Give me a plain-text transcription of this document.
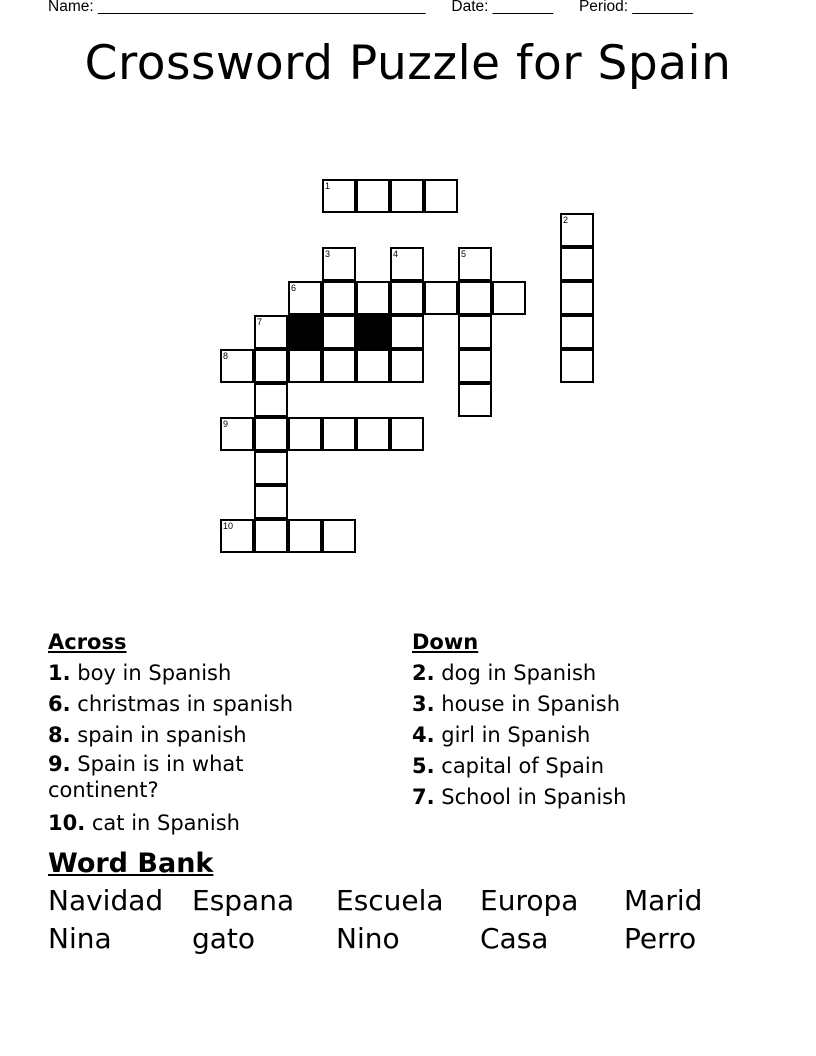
Name: ______________________________________ Date: _______ Period: _______
Crossword Puzzle for Spain
1
2
3	4	5
6
7
8
9
10
Across
1. boy in Spanish
6. christmas in spanish
8. spain in spanish
9. Spain is in what continent?
10. cat in Spanish
Down
2. dog in Spanish
3. house in Spanish
4. girl in Spanish
5. capital of Spain
7. School in Spanish
Word Bank
Navidad Espana Escuela Europa Marid
Nina	gato	Nino	Casa	Perro
